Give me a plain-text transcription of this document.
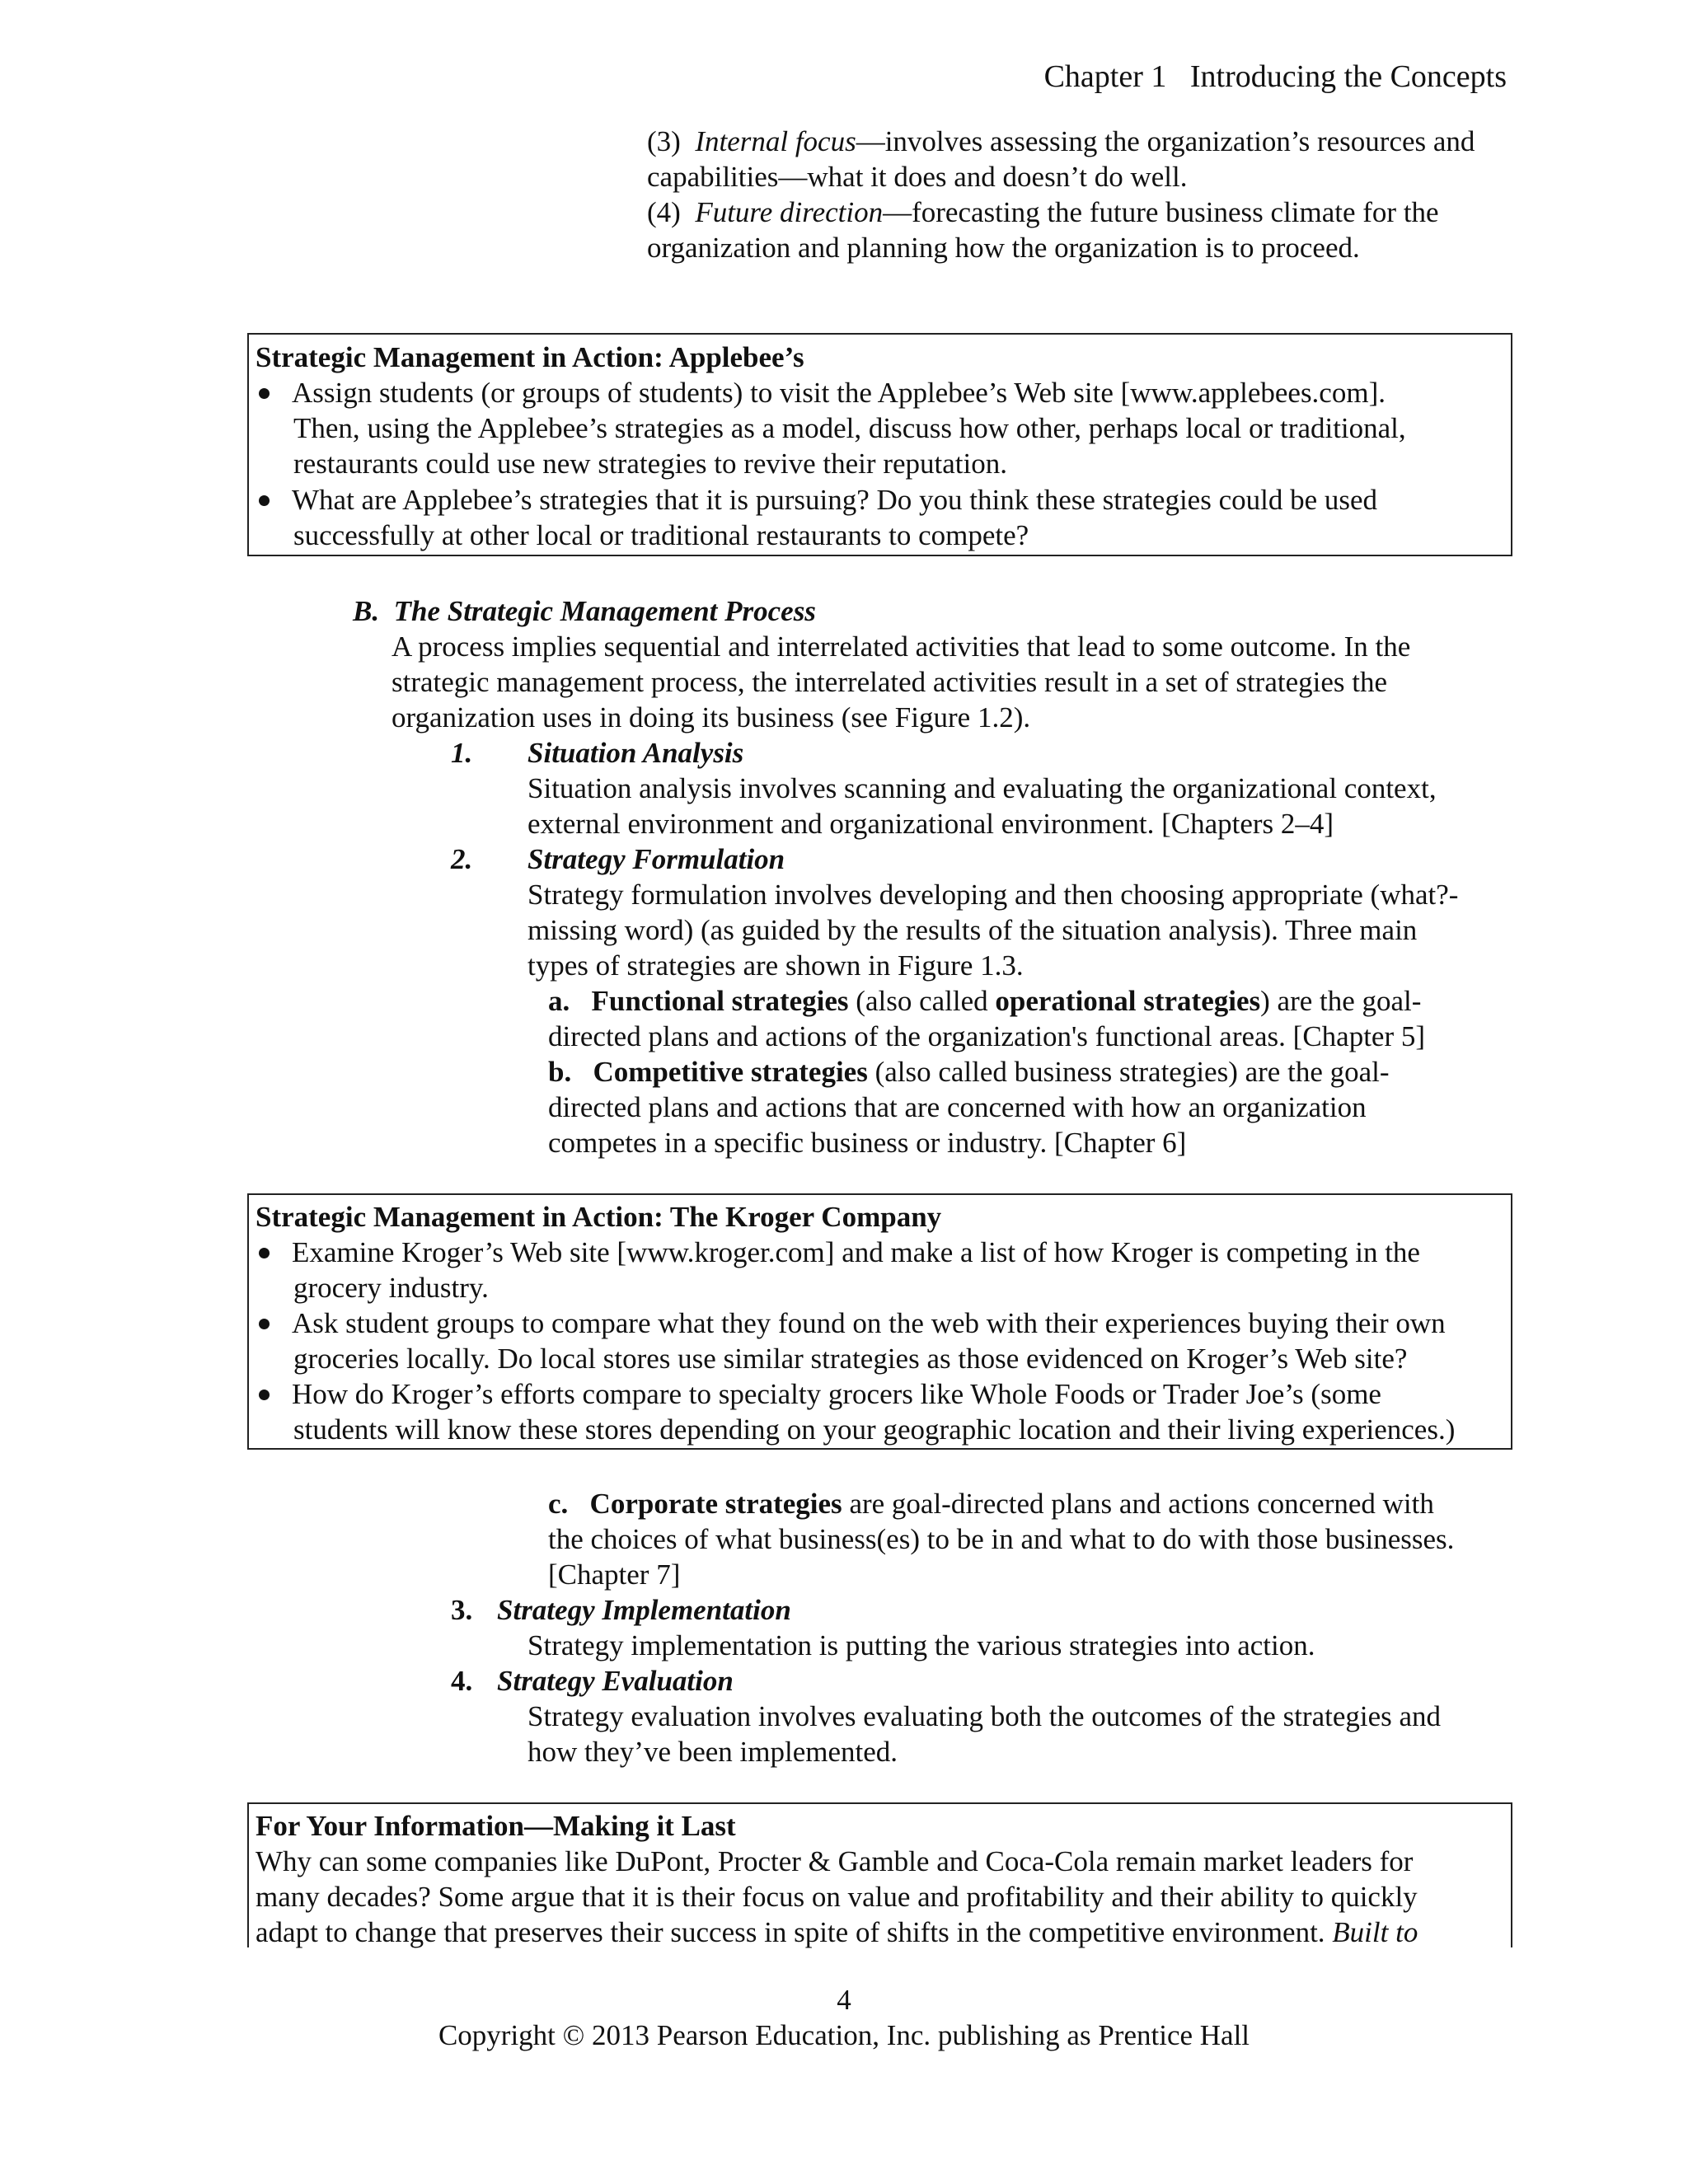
Chapter 1   Introducing the Concepts
(3) Internal focus—involves assessing the organization’s resources and
capabilities—what it does and doesn’t do well.
(4) Future direction—forecasting the future business climate for the
organization and planning how the organization is to proceed.
Strategic Management in Action: Applebee’s
Assign students (or groups of students) to visit the Applebee’s Web site [www.applebees.com].
Then, using the Applebee’s strategies as a model, discuss how other, perhaps local or traditional,
restaurants could use new strategies to revive their reputation.
What are Applebee’s strategies that it is pursuing? Do you think these strategies could be used
successfully at other local or traditional restaurants to compete?
B.  The Strategic Management Process
A process implies sequential and interrelated activities that lead to some outcome. In the
strategic management process, the interrelated activities result in a set of strategies the
organization uses in doing its business (see Figure 1.2).
1. Situation Analysis
Situation analysis involves scanning and evaluating the organizational context,
external environment and organizational environment. [Chapters 2–4]
2. Strategy Formulation
Strategy formulation involves developing and then choosing appropriate (what?-
missing word) (as guided by the results of the situation analysis). Three main
types of strategies are shown in Figure 1.3.
a. Functional strategies (also called operational strategies) are the goal-
directed plans and actions of the organization's functional areas. [Chapter 5]
b. Competitive strategies (also called business strategies) are the goal-
directed plans and actions that are concerned with how an organization
competes in a specific business or industry. [Chapter 6]
Strategic Management in Action: The Kroger Company
Examine Kroger’s Web site [www.kroger.com] and make a list of how Kroger is competing in the
grocery industry.
Ask student groups to compare what they found on the web with their experiences buying their own
groceries locally. Do local stores use similar strategies as those evidenced on Kroger’s Web site?
How do Kroger’s efforts compare to specialty grocers like Whole Foods or Trader Joe’s (some
students will know these stores depending on your geographic location and their living experiences.)
c. Corporate strategies are goal-directed plans and actions concerned with
the choices of what business(es) to be in and what to do with those businesses.
[Chapter 7]
3. Strategy Implementation
Strategy implementation is putting the various strategies into action.
4. Strategy Evaluation
Strategy evaluation involves evaluating both the outcomes of the strategies and
how they’ve been implemented.
For Your Information—Making it Last
Why can some companies like DuPont, Procter & Gamble and Coca-Cola remain market leaders for
many decades? Some argue that it is their focus on value and profitability and their ability to quickly
adapt to change that preserves their success in spite of shifts in the competitive environment. Built to
4
Copyright © 2013 Pearson Education, Inc. publishing as Prentice Hall
